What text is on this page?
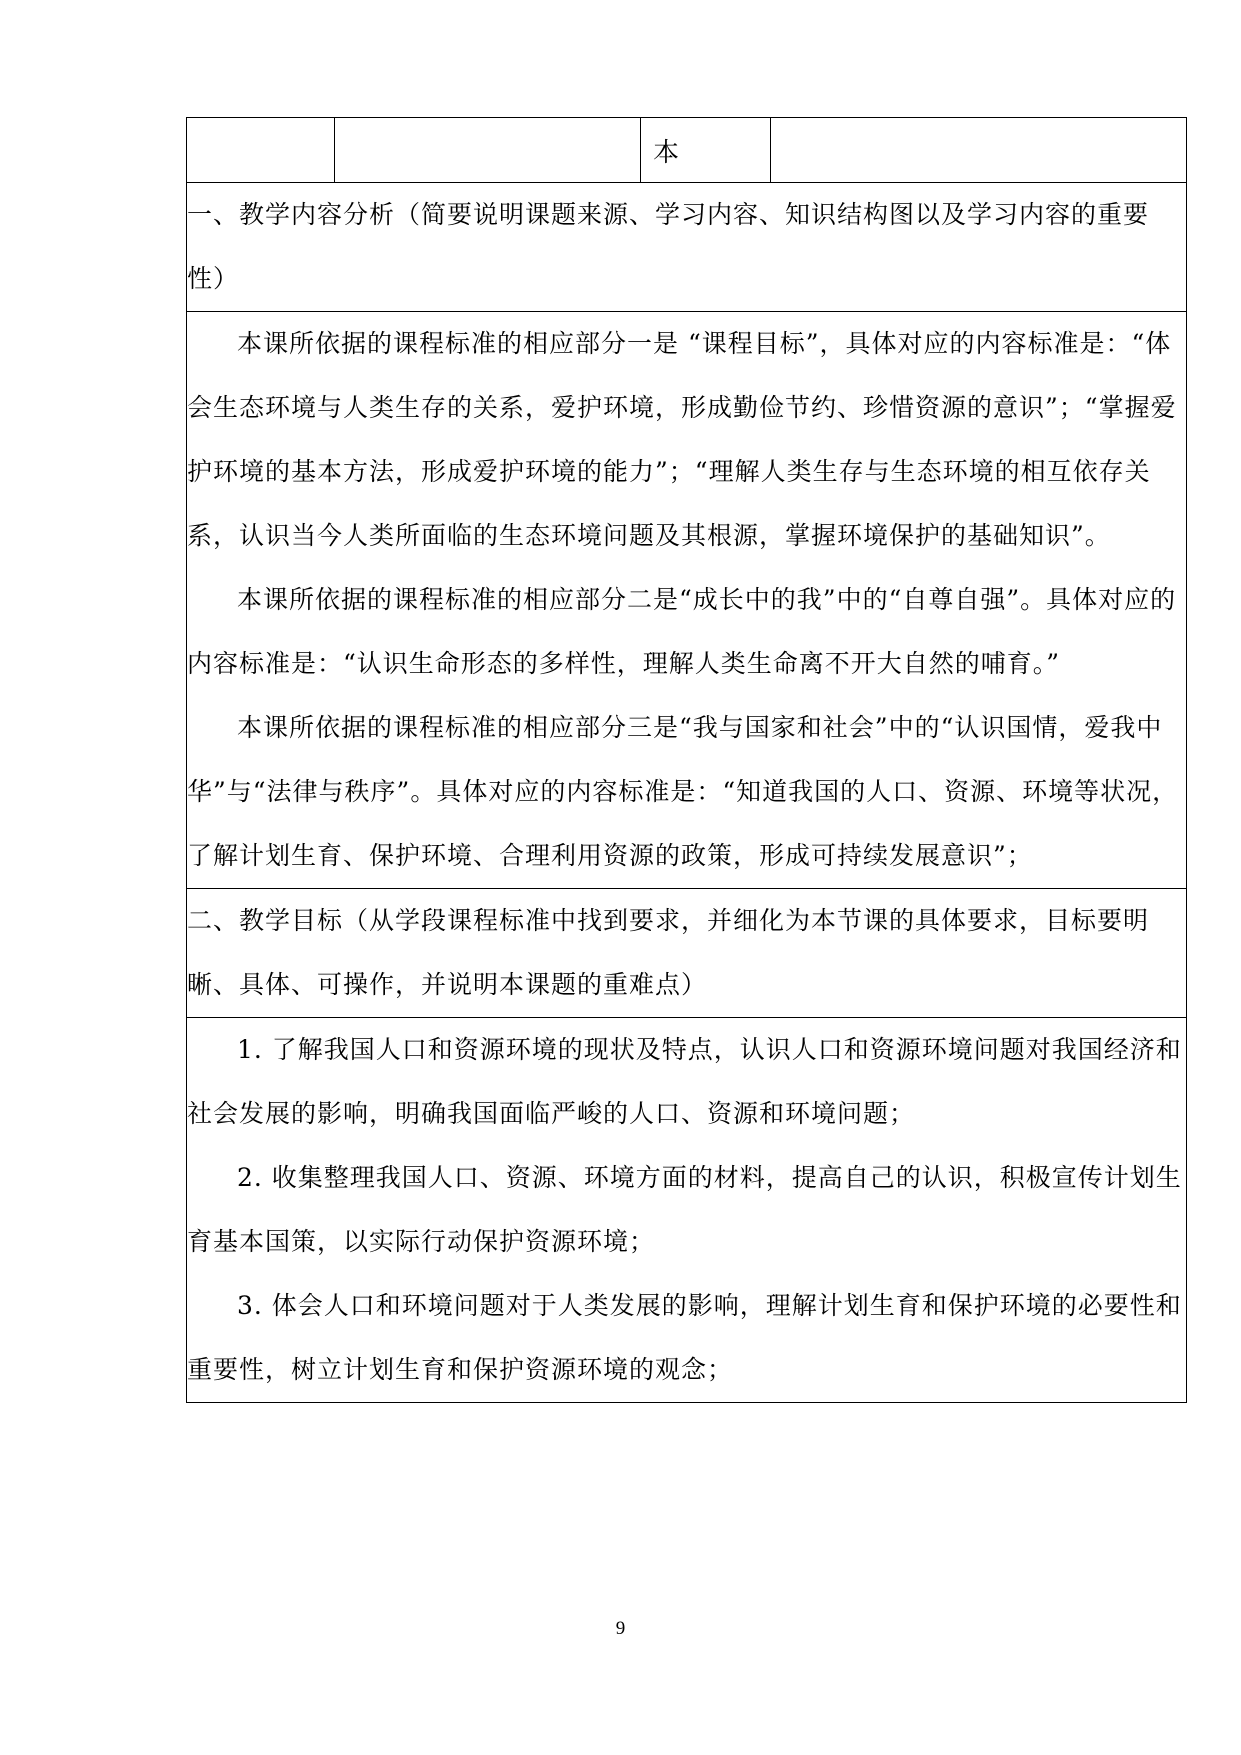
		本	

一、教学内容分析（简要说明课题来源、学习内容、知识结构图以及学习内容的重要性）

本课所依据的课程标准的相应部分一是 “课程目标”，具体对应的内容标准是：“体会生态环境与人类生存的关系，爱护环境，形成勤俭节约、珍惜资源的意识”；“掌握爱护环境的基本方法，形成爱护环境的能力”；“理解人类生存与生态环境的相互依存关系，认识当今人类所面临的生态环境问题及其根源，掌握环境保护的基础知识”。

本课所依据的课程标准的相应部分二是“成长中的我”中的“自尊自强”。具体对应的内容标准是：“认识生命形态的多样性，理解人类生命离不开大自然的哺育。”

本课所依据的课程标准的相应部分三是“我与国家和社会”中的“认识国情，爱我中华”与“法律与秩序”。具体对应的内容标准是：“知道我国的人口、资源、环境等状况，了解计划生育、保护环境、合理利用资源的政策，形成可持续发展意识”；

二、教学目标（从学段课程标准中找到要求，并细化为本节课的具体要求，目标要明晰、具体、可操作，并说明本课题的重难点）

1. 了解我国人口和资源环境的现状及特点，认识人口和资源环境问题对我国经济和社会发展的影响，明确我国面临严峻的人口、资源和环境问题；

2. 收集整理我国人口、资源、环境方面的材料，提高自己的认识，积极宣传计划生育基本国策，以实际行动保护资源环境；

3. 体会人口和环境问题对于人类发展的影响，理解计划生育和保护环境的必要性和重要性，树立计划生育和保护资源环境的观念；

9
